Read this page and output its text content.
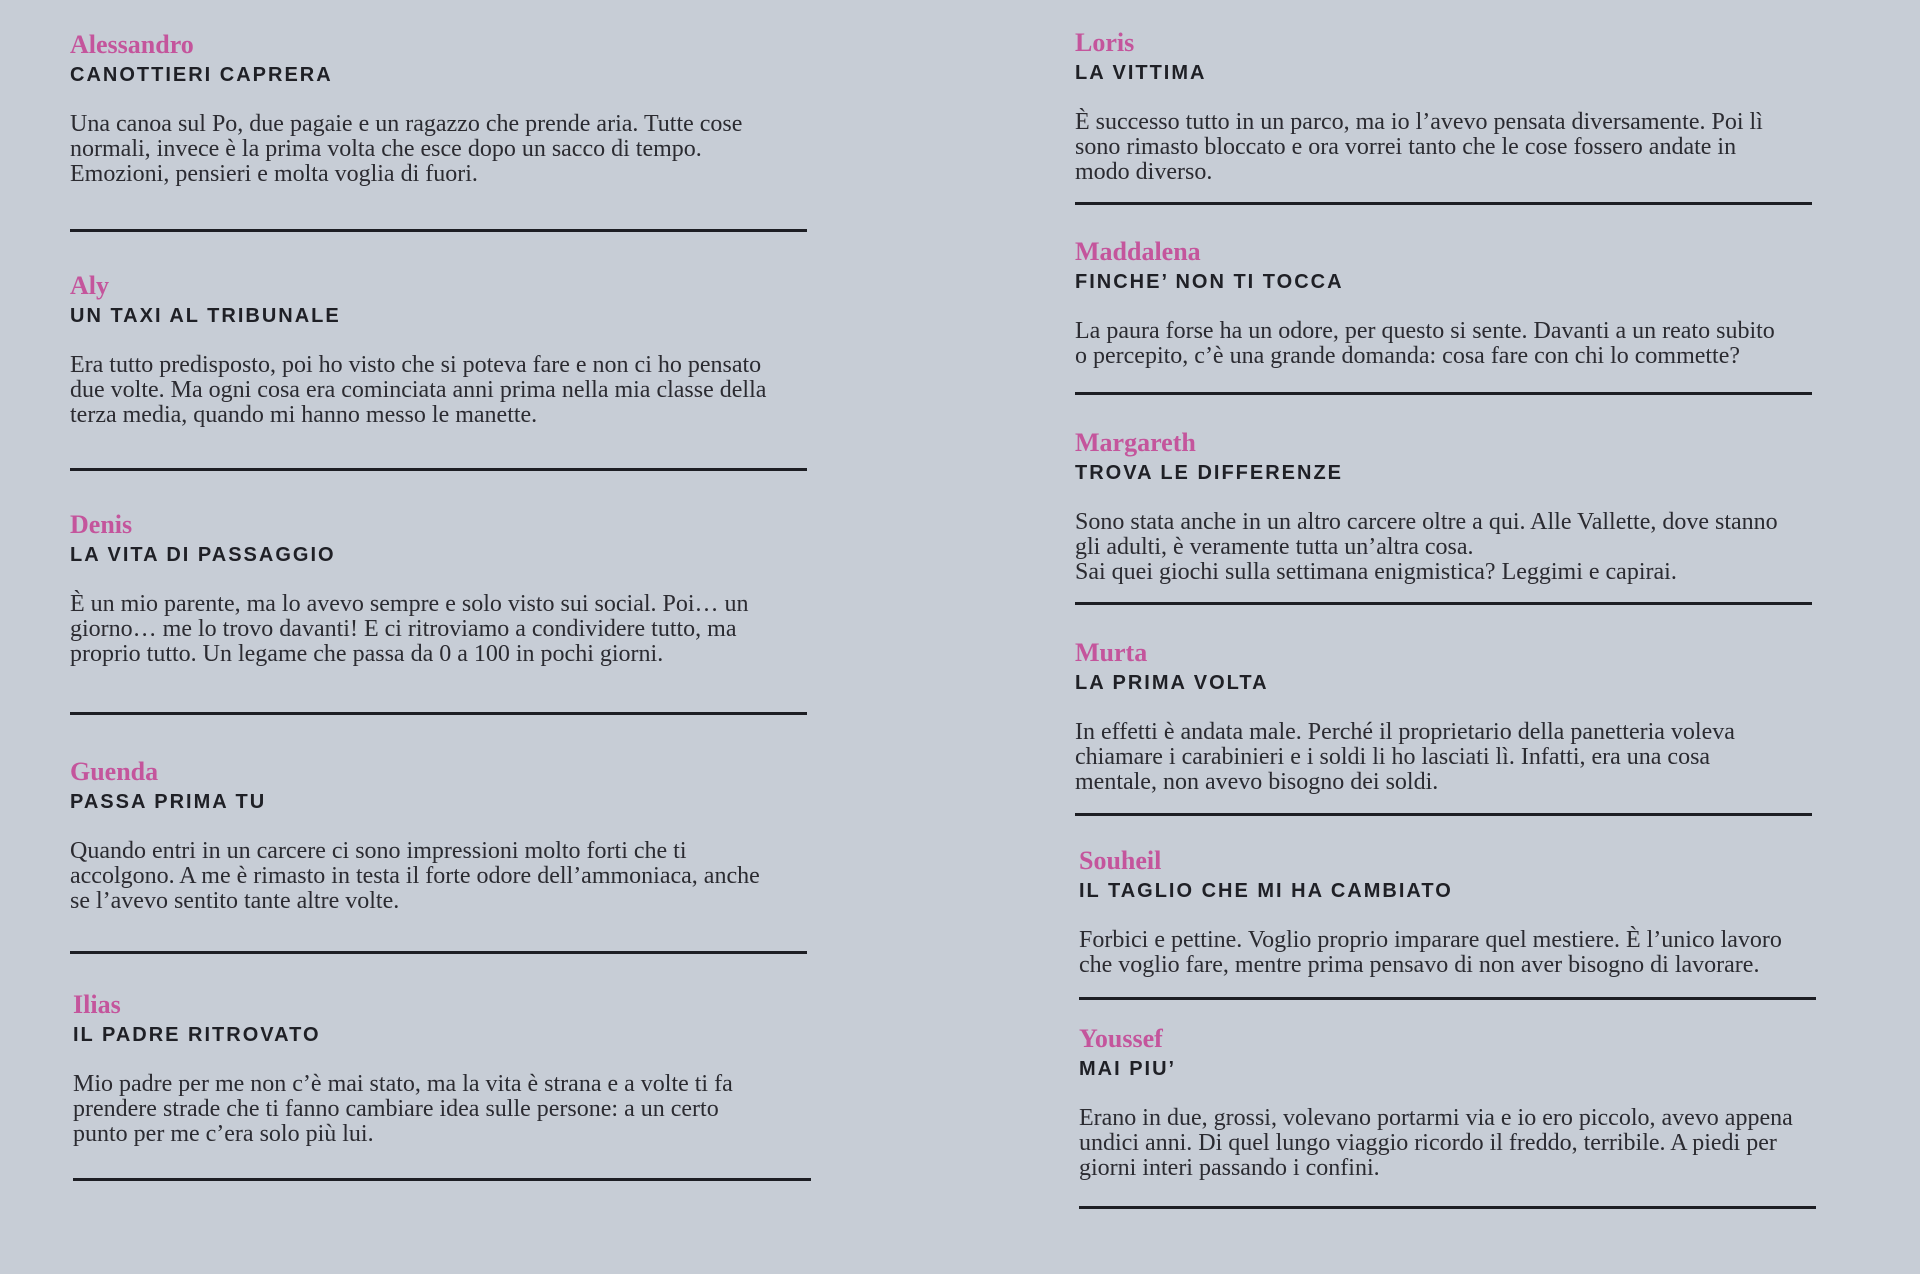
Alessandro
CANOTTIERI CAPRERA
Una canoa sul Po, due pagaie e un ragazzo che prende aria. Tutte cose
normali, invece è la prima volta che esce dopo un sacco di tempo.
Emozioni, pensieri e molta voglia di fuori.
Aly
UN TAXI AL TRIBUNALE
Era tutto predisposto, poi ho visto che si poteva fare e non ci ho pensato
due volte. Ma ogni cosa era cominciata anni prima nella mia classe della
terza media, quando mi hanno messo le manette.
Denis
LA VITA DI PASSAGGIO
È un mio parente, ma lo avevo sempre e solo visto sui social. Poi… un
giorno… me lo trovo davanti! E ci ritroviamo a condividere tutto, ma
proprio tutto. Un legame che passa da 0 a 100 in pochi giorni.
Guenda
PASSA PRIMA TU
Quando entri in un carcere ci sono impressioni molto forti che ti
accolgono. A me è rimasto in testa il forte odore dell’ammoniaca, anche
se l’avevo sentito tante altre volte.
Ilias
IL PADRE RITROVATO
Mio padre per me non c’è mai stato, ma la vita è strana e a volte ti fa
prendere strade che ti fanno cambiare idea sulle persone: a un certo
punto per me c’era solo più lui.
Loris
LA VITTIMA
È successo tutto in un parco, ma io l’avevo pensata diversamente. Poi lì
sono rimasto bloccato e ora vorrei tanto che le cose fossero andate in
modo diverso.
Maddalena
FINCHE’ NON TI TOCCA
La paura forse ha un odore, per questo si sente. Davanti a un reato subito
o percepito, c’è una grande domanda: cosa fare con chi lo commette?
Margareth
TROVA LE DIFFERENZE
Sono stata anche in un altro carcere oltre a qui. Alle Vallette, dove stanno
gli adulti, è veramente tutta un’altra cosa.
Sai quei giochi sulla settimana enigmistica? Leggimi e capirai.
Murta
LA PRIMA VOLTA
In effetti è andata male. Perché il proprietario della panetteria voleva
chiamare i carabinieri e i soldi li ho lasciati lì. Infatti, era una cosa
mentale, non avevo bisogno dei soldi.
Souheil
IL TAGLIO CHE MI HA CAMBIATO
Forbici e pettine. Voglio proprio imparare quel mestiere. È l’unico lavoro
che voglio fare, mentre prima pensavo di non aver bisogno di lavorare.
Youssef
MAI PIU’
Erano in due, grossi, volevano portarmi via e io ero piccolo, avevo appena
undici anni. Di quel lungo viaggio ricordo il freddo, terribile. A piedi per
giorni interi passando i confini.
